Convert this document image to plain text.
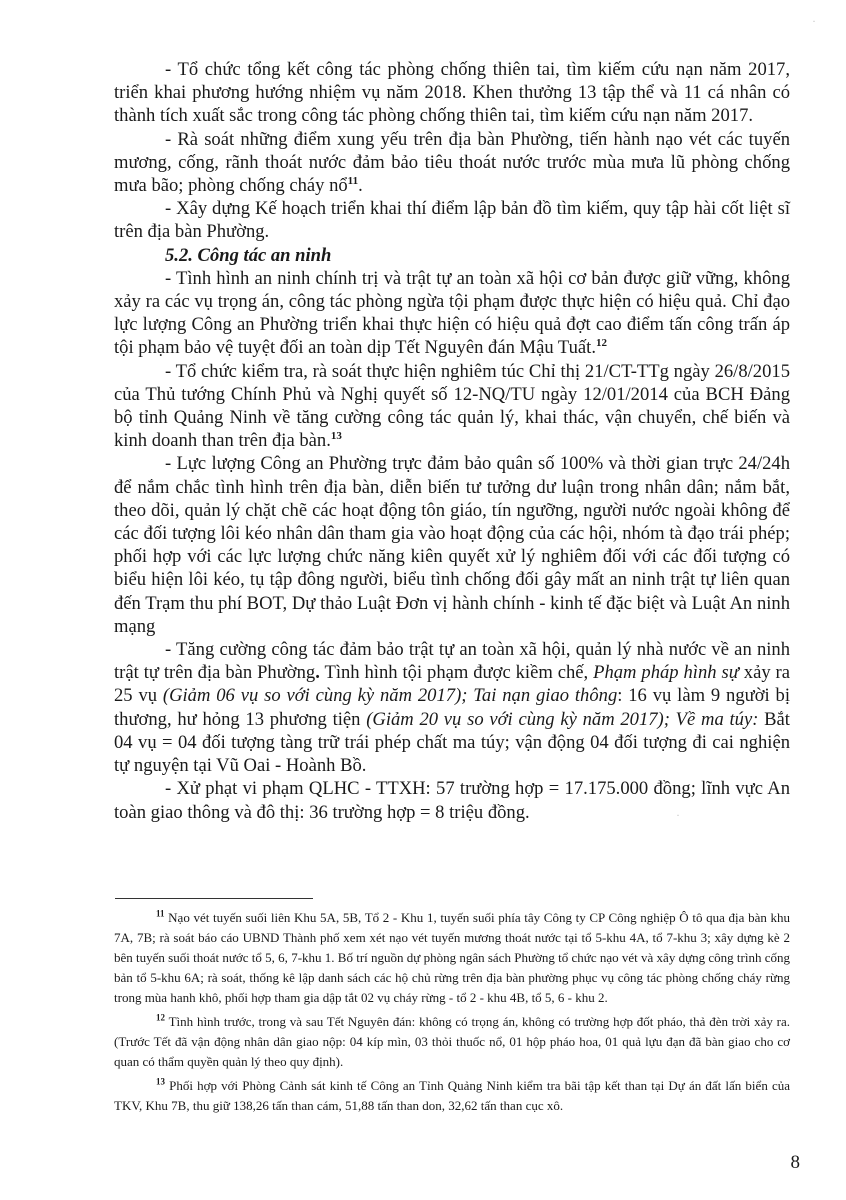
- Tổ chức tổng kết công tác phòng chống thiên tai, tìm kiếm cứu nạn năm 2017, triển khai phương hướng nhiệm vụ năm 2018. Khen thưởng 13 tập thể và 11 cá nhân có thành tích xuất sắc trong công tác phòng chống thiên tai, tìm kiếm cứu nạn năm 2017.

- Rà soát những điểm xung yếu trên địa bàn Phường, tiến hành nạo vét các tuyến mương, cống, rãnh thoát nước đảm bảo tiêu thoát nước trước mùa mưa lũ phòng chống mưa bão; phòng chống cháy nổ$^{11}$.

- Xây dựng Kế hoạch triển khai thí điểm lập bản đồ tìm kiếm, quy tập hài cốt liệt sĩ trên địa bàn Phường.

5.2. Công tác an ninh

- Tình hình an ninh chính trị và trật tự an toàn xã hội cơ bản được giữ vững, không xảy ra các vụ trọng án, công tác phòng ngừa tội phạm được thực hiện có hiệu quả. Chỉ đạo lực lượng Công an Phường triển khai thực hiện có hiệu quả đợt cao điểm tấn công trấn áp tội phạm bảo vệ tuyệt đối an toàn dịp Tết Nguyên đán Mậu Tuất.$^{12}$

- Tổ chức kiểm tra, rà soát thực hiện nghiêm túc Chỉ thị 21/CT-TTg ngày 26/8/2015 của Thủ tướng Chính Phủ và Nghị quyết số 12-NQ/TU ngày 12/01/2014 của BCH Đảng bộ tỉnh Quảng Ninh về tăng cường công tác quản lý, khai thác, vận chuyển, chế biến và kinh doanh than trên địa bàn.$^{13}$

- Lực lượng Công an Phường trực đảm bảo quân số 100% và thời gian trực 24/24h để nắm chắc tình hình trên địa bàn, diễn biến tư tưởng dư luận trong nhân dân; nắm bắt, theo dõi, quản lý chặt chẽ các hoạt động tôn giáo, tín ngưỡng, người nước ngoài không để các đối tượng lôi kéo nhân dân tham gia vào hoạt động của các hội, nhóm tà đạo trái phép; phối hợp với các lực lượng chức năng kiên quyết xử lý nghiêm đối với các đối tượng có biểu hiện lôi kéo, tụ tập đông người, biểu tình chống đối gây mất an ninh trật tự liên quan đến Trạm thu phí BOT, Dự thảo Luật Đơn vị hành chính - kinh tế đặc biệt và Luật An ninh mạng

- Tăng cường công tác đảm bảo trật tự an toàn xã hội, quản lý nhà nước về an ninh trật tự trên địa bàn Phường. Tình hình tội phạm được kiềm chế, Phạm pháp hình sự xảy ra 25 vụ (Giảm 06 vụ so với cùng kỳ năm 2017); Tai nạn giao thông: 16 vụ làm 9 người bị thương, hư hỏng 13 phương tiện (Giảm 20 vụ so với cùng kỳ năm 2017); Về ma túy: Bắt 04 vụ = 04 đối tượng tàng trữ trái phép chất ma túy; vận động 04 đối tượng đi cai nghiện tự nguyện tại Vũ Oai - Hoành Bồ.

- Xử phạt vi phạm QLHC - TTXH: 57 trường hợp = 17.175.000 đồng; lĩnh vực An toàn giao thông và đô thị: 36 trường hợp = 8 triệu đồng.

$^{11}$ Nạo vét tuyến suối liên Khu 5A, 5B, Tổ 2 - Khu 1, tuyến suối phía tây Công ty CP Công nghiệp Ô tô qua địa bàn khu 7A, 7B; rà soát báo cáo UBND Thành phố xem xét nạo vét tuyến mương thoát nước tại tổ 5-khu 4A, tổ 7-khu 3; xây dựng kè 2 bên tuyến suối thoát nước tổ 5, 6, 7-khu 1. Bố trí nguồn dự phòng ngân sách Phường tổ chức nạo vét và xây dựng công trình cống bản tổ 5-khu 6A; rà soát, thống kê lập danh sách các hộ chủ rừng trên địa bàn phường phục vụ công tác phòng chống cháy rừng trong mùa hanh khô, phối hợp tham gia dập tắt 02 vụ cháy rừng - tổ 2 - khu 4B, tổ 5, 6 - khu 2.

$^{12}$ Tình hình trước, trong và sau Tết Nguyên đán: không có trọng án, không có trường hợp đốt pháo, thả đèn trời xảy ra. (Trước Tết đã vận động nhân dân giao nộp: 04 kíp mìn, 03 thỏi thuốc nổ, 01 hộp pháo hoa, 01 quả lựu đạn đã bàn giao cho cơ quan có thẩm quyền quản lý theo quy định).

$^{13}$ Phối hợp với Phòng Cảnh sát kinh tế Công an Tỉnh Quảng Ninh kiểm tra bãi tập kết than tại Dự án đất lấn biển của TKV, Khu 7B, thu giữ 138,26 tấn than cám, 51,88 tấn than don, 32,62 tấn than cục xô.

8
·
·
